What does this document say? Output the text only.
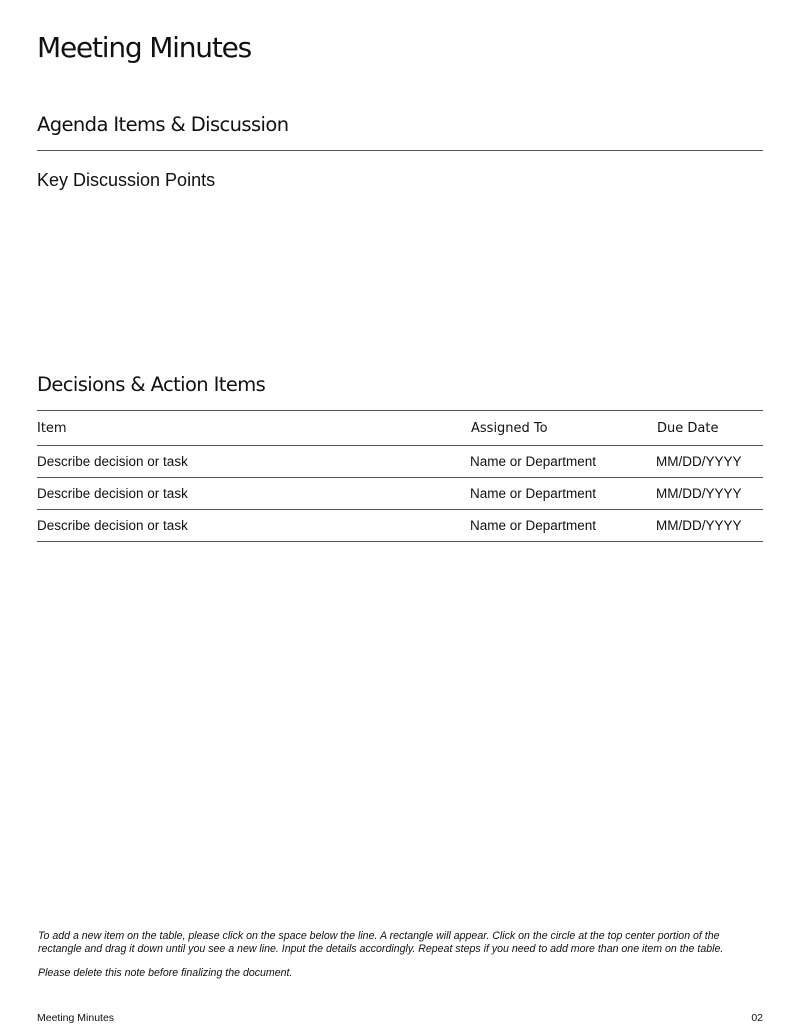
Meeting Minutes
Agenda Items & Discussion
Key Discussion Points
Decisions & Action Items
Item	Assigned To	Due Date
Describe decision or task	Name or Department	MM/DD/YYYY
Describe decision or task	Name or Department	MM/DD/YYYY
Describe decision or task	Name or Department	MM/DD/YYYY

To add a new item on the table, please click on the space below the line. A rectangle will appear. Click on the circle at the top center portion of the rectangle and drag it down until you see a new line. Input the details accordingly. Repeat steps if you need to add more than one item on the table.

Please delete this note before finalizing the document.

Meeting Minutes	02
